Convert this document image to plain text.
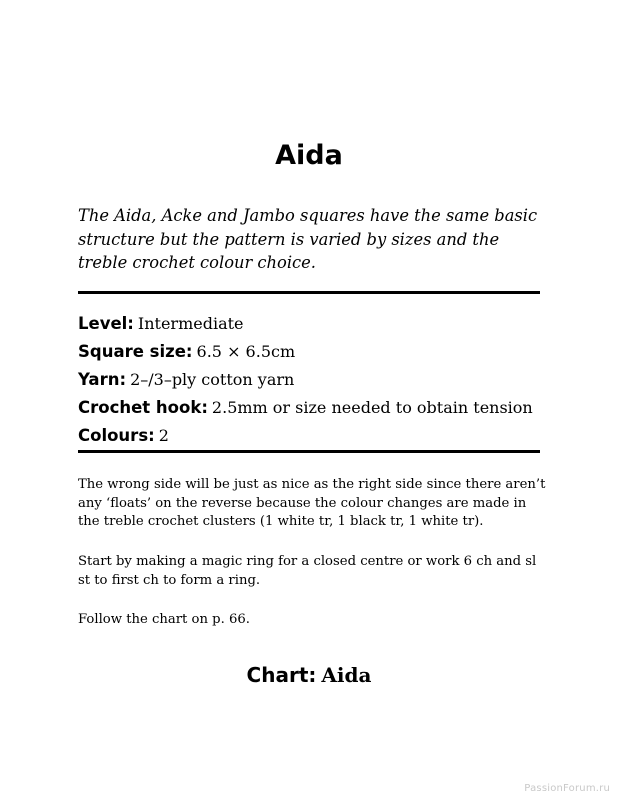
Aida

The Aida, Acke and Jambo squares have the same basic structure but the pattern is varied by sizes and the treble crochet colour choice.

Level: Intermediate
Square size: 6.5 × 6.5cm
Yarn: 2–/3–ply cotton yarn
Crochet hook: 2.5mm or size needed to obtain tension
Colours: 2

The wrong side will be just as nice as the right side since there aren’t any ‘floats’ on the reverse because the colour changes are made in the treble crochet clusters (1 white tr, 1 black tr, 1 white tr).

Start by making a magic ring for a closed centre or work 6 ch and sl st to first ch to form a ring.

Follow the chart on p. 66.

Chart: Aida
PassionForum.ru
